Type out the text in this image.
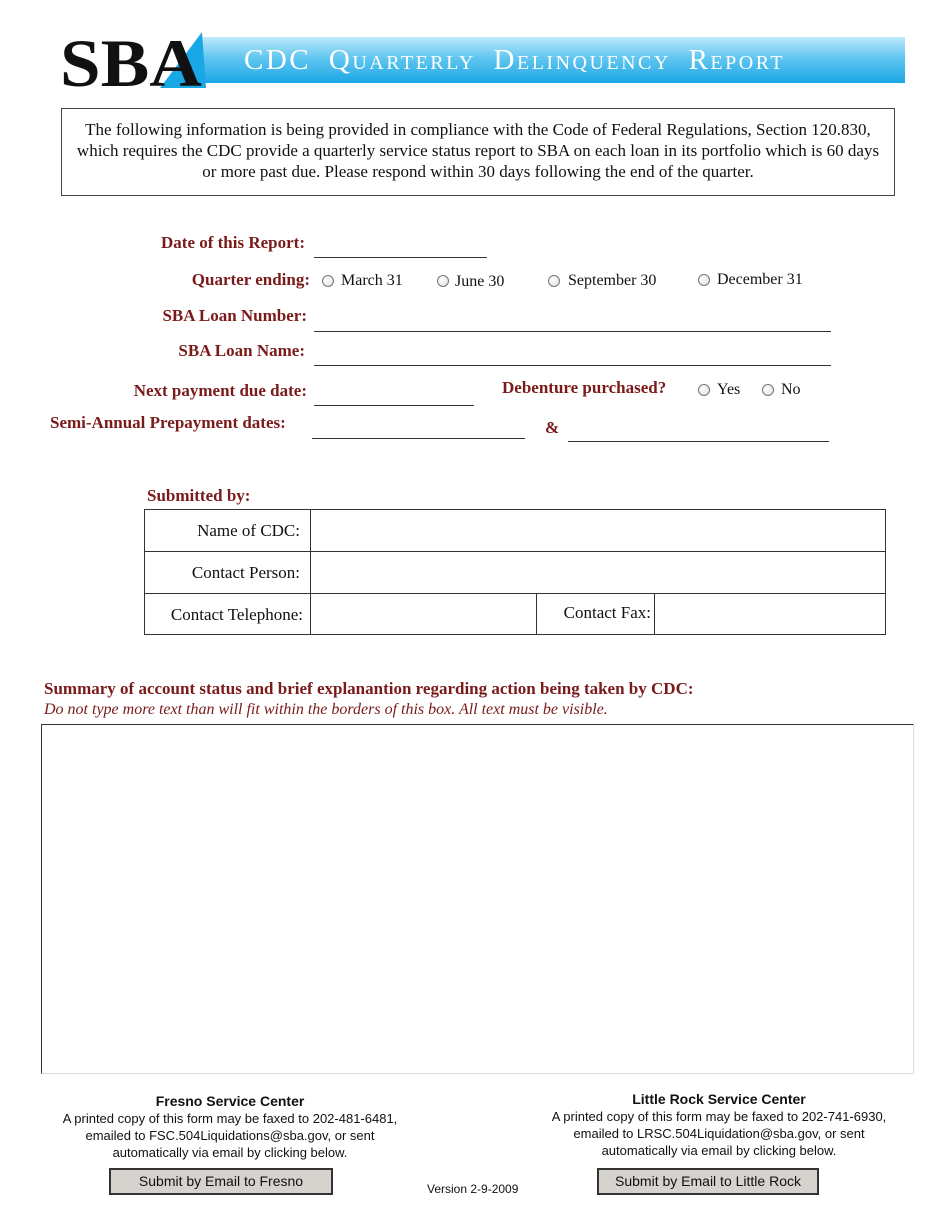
CDC Quarterly Delinquency Report
SBA
The following information is being provided in compliance with the Code of Federal Regulations, Section 120.830, which requires the CDC provide a quarterly service status report to SBA on each loan in its portfolio which is 60 days or more past due. Please respond within 30 days following the end of the quarter.
Date of this Report:
Quarter ending: March 31	June 30	September 30	December 31
SBA Loan Number:
SBA Loan Name:
Next payment due date:	Debenture purchased?	Yes	No
Semi-Annual Prepayment dates:	&
Submitted by:
Name of CDC:
Contact Person:
Contact Telephone:	Contact Fax:
Summary of account status and brief explanantion regarding action being taken by CDC:
Do not type more text than will fit within the borders of this box. All text must be visible.
Fresno Service Center
A printed copy of this form may be faxed to 202-481-6481,
emailed to FSC.504Liquidations@sba.gov, or sent
automatically via email by clicking below.
Submit by Email to Fresno	Version 2-9-2009
Little Rock Service Center
A printed copy of this form may be faxed to 202-741-6930,
emailed to LRSC.504Liquidation@sba.gov, or sent
automatically via email by clicking below.
Submit by Email to Little Rock
